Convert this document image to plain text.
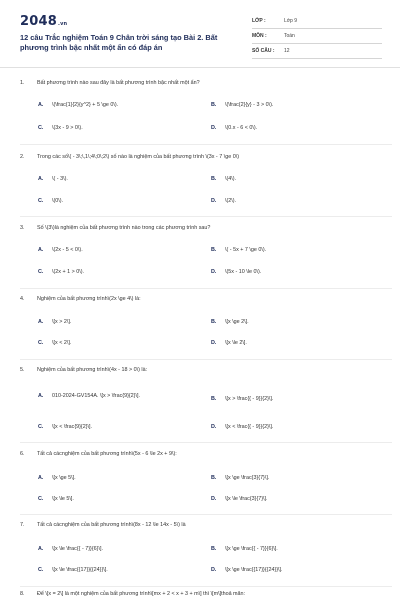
2048.vn
12 câu Trắc nghiệm Toán 9 Chân trời sáng tạo Bài 2. Bất phương trình bậc nhất một ẩn có đáp án
LỚP :	Lớp 9
MÔN :	Toán
SỐ CÂU : 12
1. Bất phương trình nào sau đây là bất phương trình bậc nhất một ẩn?
A. \(\frac{1}{2}{y^2} + 5 \ge 0\).	B. \(\frac{2}{y} - 3 > 0\).
C. \(3x - 9 > 0\).	D. \(0.x - 6 < 0\).
2. Trong các số\( - 3\;\,1\;4\;0\;2\) số nào là nghiệm của bất phương trình \(3x - 7 \ge 0\)
A. \( - 3\).	B. \(4\).
C. \(0\).	D. \(2\).
3. Số \(3\)là nghiệm của bất phương trình nào trong các phương trình sau?
A. \(2x - 5 < 0\).	B. \( - 5x + 7 \ge 0\).
C. \(2x + 1 > 0\).	D. \(5x - 10 \le 0\).
4. Nghiệm của bất phương trình\(2x \ge 4\) là:
A. \[x > 2\].	B. \[x \ge 2\].
C. \[x < 2\].	D. \[x \le 2\].
5. Nghiệm của bất phương trình\(4x - 18 > 0\) là:
A. 010-2024-GV154A. \[x > \frac{9}{2}\].	B. \[x > \frac{{ - 9}}{2}\].
C. \[x < \frac{9}{2}\].	D. \[x < \frac{{ - 9}}{2}\].
6. Tất cả cácnghiệm của bất phương trình\(5x - 6 \le 2x + 9\):
A. \[x \ge 5\].	B. \[x \ge \frac{3}{7}\].
C. \[x \le 5\].	D. \[x \le \frac{3}{7}\].
7. Tất cả cácnghiệm của bất phương trình\(8x - 12 \le 14x - 5\) là
A. \[x \le \frac{{ - 7}}{6}\].	B. \[x \ge \frac{{ - 7}}{6}\].
C. \[x \le \frac{{17}}{{24}}\].	D. \[x \ge \frac{{17}}{{24}}\].
8. Để \[x = 2\] là một nghiệm của bất phương trình\[mx + 2 < x + 3 + m\] thì \[m\]thoả mãn:
